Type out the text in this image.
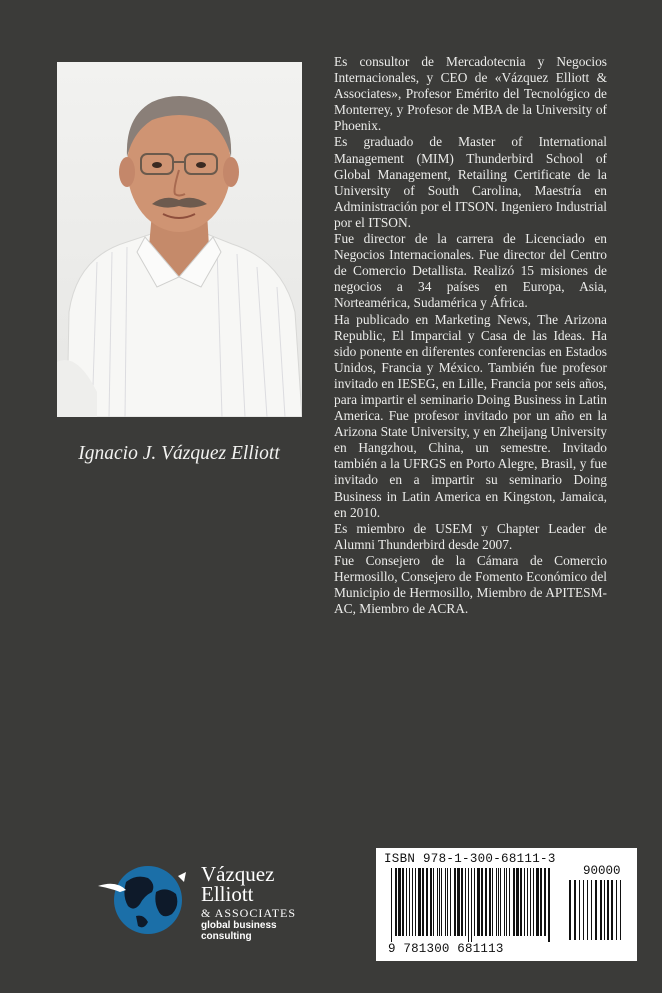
Ignacio J. Vázquez Elliott

Es consultor de Mercadotecnia y Negocios Internacionales, y CEO de «Vázquez Elliott & Associates», Profesor Emérito del Tecnológico de Monterrey, y Profesor de MBA de la University of Phoenix.

Es graduado de Master of International Management (MIM) Thunderbird School of Global Management, Retailing Certificate de la University of South Carolina, Maestría en Administración por el ITSON. Ingeniero Industrial por el ITSON.

Fue director de la carrera de Licenciado en Negocios Internacionales. Fue director del Centro de Comercio Detallista. Realizó 15 misiones de negocios a 34 países en Europa, Asia, Norteamérica, Sudamérica y África.

Ha publicado en Marketing News, The Arizona Republic, El Imparcial y Casa de las Ideas. Ha sido ponente en diferentes conferencias en Estados Unidos, Francia y México. También fue profesor invitado en IESEG, en Lille, Francia por seis años, para impartir el seminario Doing Business in Latin America. Fue profesor invitado por un año en la Arizona State University, y en Zheijang University en Hangzhou, China, un semestre. Invitado también a la UFRGS en Porto Alegre, Brasil, y fue invitado en a impartir su seminario Doing Business in Latin America en Kingston, Jamaica, en 2010.

Es miembro de USEM y Chapter Leader de Alumni Thunderbird desde 2007.

Fue Consejero de la Cámara de Comercio Hermosillo, Consejero de Fomento Económico del Municipio de Hermosillo, Miembro de APITESM-AC, Miembro de ACRA.

Vázquez
Elliott
& ASSOCIATES
global business consulting
ISBN 978-1-300-68111-3
90000
9 781300 681113
